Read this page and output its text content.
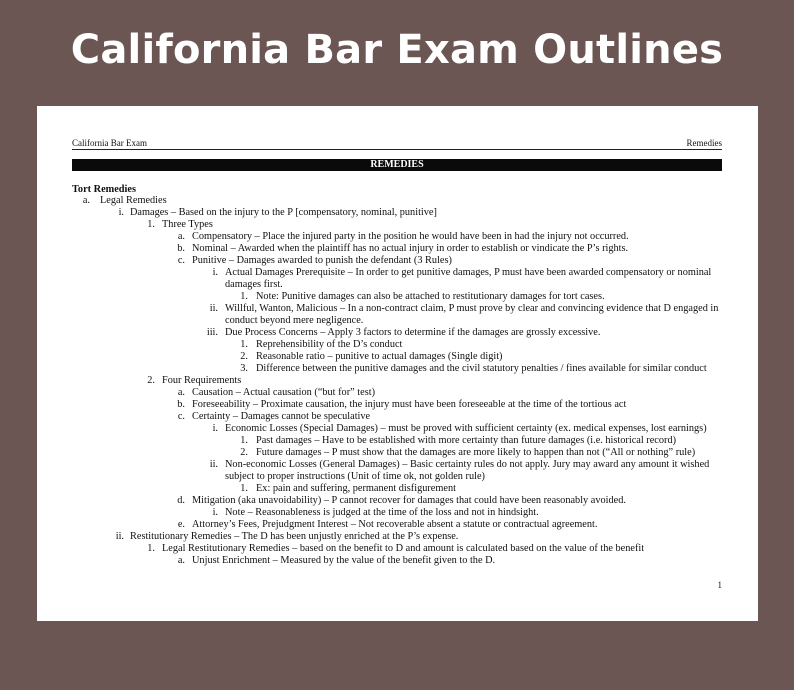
California Bar Exam Outlines
California Bar Exam	Remedies
REMEDIES
Tort Remedies
a. Legal Remedies
i. Damages – Based on the injury to the P [compensatory, nominal, punitive]
1. Three Types
a. Compensatory – Place the injured party in the position he would have been in had the injury not occurred.
b. Nominal – Awarded when the plaintiff has no actual injury in order to establish or vindicate the P’s rights.
c. Punitive – Damages awarded to punish the defendant (3 Rules)
i. Actual Damages Prerequisite – In order to get punitive damages, P must have been awarded compensatory or nominal damages first.
1. Note: Punitive damages can also be attached to restitutionary damages for tort cases.
ii. Willful, Wanton, Malicious – In a non-contract claim, P must prove by clear and convincing evidence that D engaged in conduct beyond mere negligence.
iii. Due Process Concerns – Apply 3 factors to determine if the damages are grossly excessive.
1. Reprehensibility of the D’s conduct
2. Reasonable ratio – punitive to actual damages (Single digit)
3. Difference between the punitive damages and the civil statutory penalties / fines available for similar conduct
2. Four Requirements
a. Causation – Actual causation (“but for” test)
b. Foreseeability – Proximate causation, the injury must have been foreseeable at the time of the tortious act
c. Certainty – Damages cannot be speculative
i. Economic Losses (Special Damages) – must be proved with sufficient certainty (ex. medical expenses, lost earnings)
1. Past damages – Have to be established with more certainty than future damages (i.e. historical record)
2. Future damages – P must show that the damages are more likely to happen than not (“All or nothing” rule)
ii. Non-economic Losses (General Damages) – Basic certainty rules do not apply. Jury may award any amount it wished subject to proper instructions (Unit of time ok, not golden rule)
1. Ex: pain and suffering, permanent disfigurement
d. Mitigation (aka unavoidability) – P cannot recover for damages that could have been reasonably avoided.
i. Note – Reasonableness is judged at the time of the loss and not in hindsight.
e. Attorney’s Fees, Prejudgment Interest – Not recoverable absent a statute or contractual agreement.
ii. Restitutionary Remedies – The D has been unjustly enriched at the P’s expense.
1. Legal Restitutionary Remedies – based on the benefit to D and amount is calculated based on the value of the benefit
a. Unjust Enrichment – Measured by the value of the benefit given to the D.
1
